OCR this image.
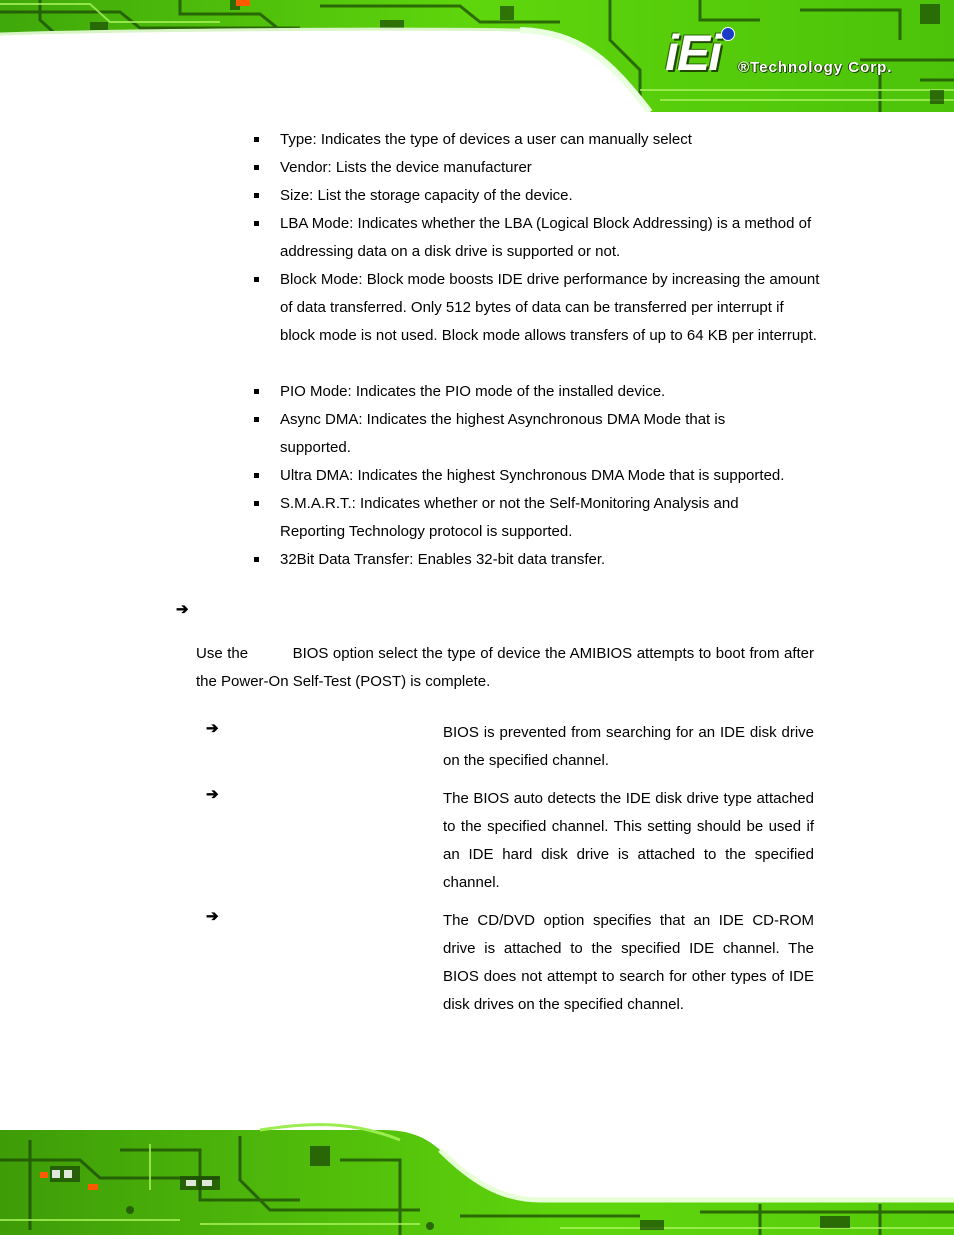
iEi ®Technology Corp.
Type: Indicates the type of devices a user can manually select
Vendor: Lists the device manufacturer
Size: List the storage capacity of the device.
LBA Mode: Indicates whether the LBA (Logical Block Addressing) is a method of addressing data on a disk drive is supported or not.
Block Mode: Block mode boosts IDE drive performance by increasing the amount of data transferred. Only 512 bytes of data can be transferred per interrupt if block mode is not used. Block mode allows transfers of up to 64 KB per interrupt.
PIO Mode: Indicates the PIO mode of the installed device.
Async DMA: Indicates the highest Asynchronous DMA Mode that is supported.
Ultra DMA: Indicates the highest Synchronous DMA Mode that is supported.
S.M.A.R.T.: Indicates whether or not the Self-Monitoring Analysis and Reporting Technology protocol is supported.
32Bit Data Transfer: Enables 32-bit data transfer.
➔
Use the	BIOS option select the type of device the AMIBIOS attempts to boot from after the Power-On Self-Test (POST) is complete.
➔	BIOS is prevented from searching for an IDE disk drive on the specified channel.
➔	The BIOS auto detects the IDE disk drive type attached to the specified channel. This setting should be used if an IDE hard disk drive is attached to the specified channel.
➔	The CD/DVD option specifies that an IDE CD-ROM drive is attached to the specified IDE channel. The BIOS does not attempt to search for other types of IDE disk drives on the specified channel.
